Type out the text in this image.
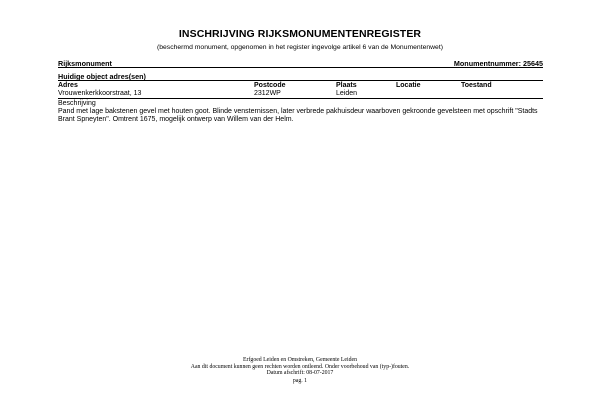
INSCHRIJVING RIJKSMONUMENTENREGISTER
(beschermd monument, opgenomen in het register ingevolge artikel 6 van de Monumentenwet)
Rijksmonument	Monumentnummer: 25645
Huidige object adres(sen)
Adres	Postcode	Plaats	Locatie	Toestand
Vrouwenkerkkoorstraat, 13	2312WP	Leiden
Beschrijving
Pand met lage bakstenen gevel met houten goot. Blinde vensternissen, later verbrede pakhuisdeur waarboven gekroonde gevelsteen met opschrift "Stadts Brant Spneyten". Omtrent 1675, mogelijk ontwerp van Willem van der Helm.
Erfgoed Leiden en Omstreken, Gemeente Leiden
Aan dit document kunnen geen rechten worden ontleend. Onder voorbehoud van (typ-)fouten.
Datum afschrift: 08-07-2017
pag. 1
